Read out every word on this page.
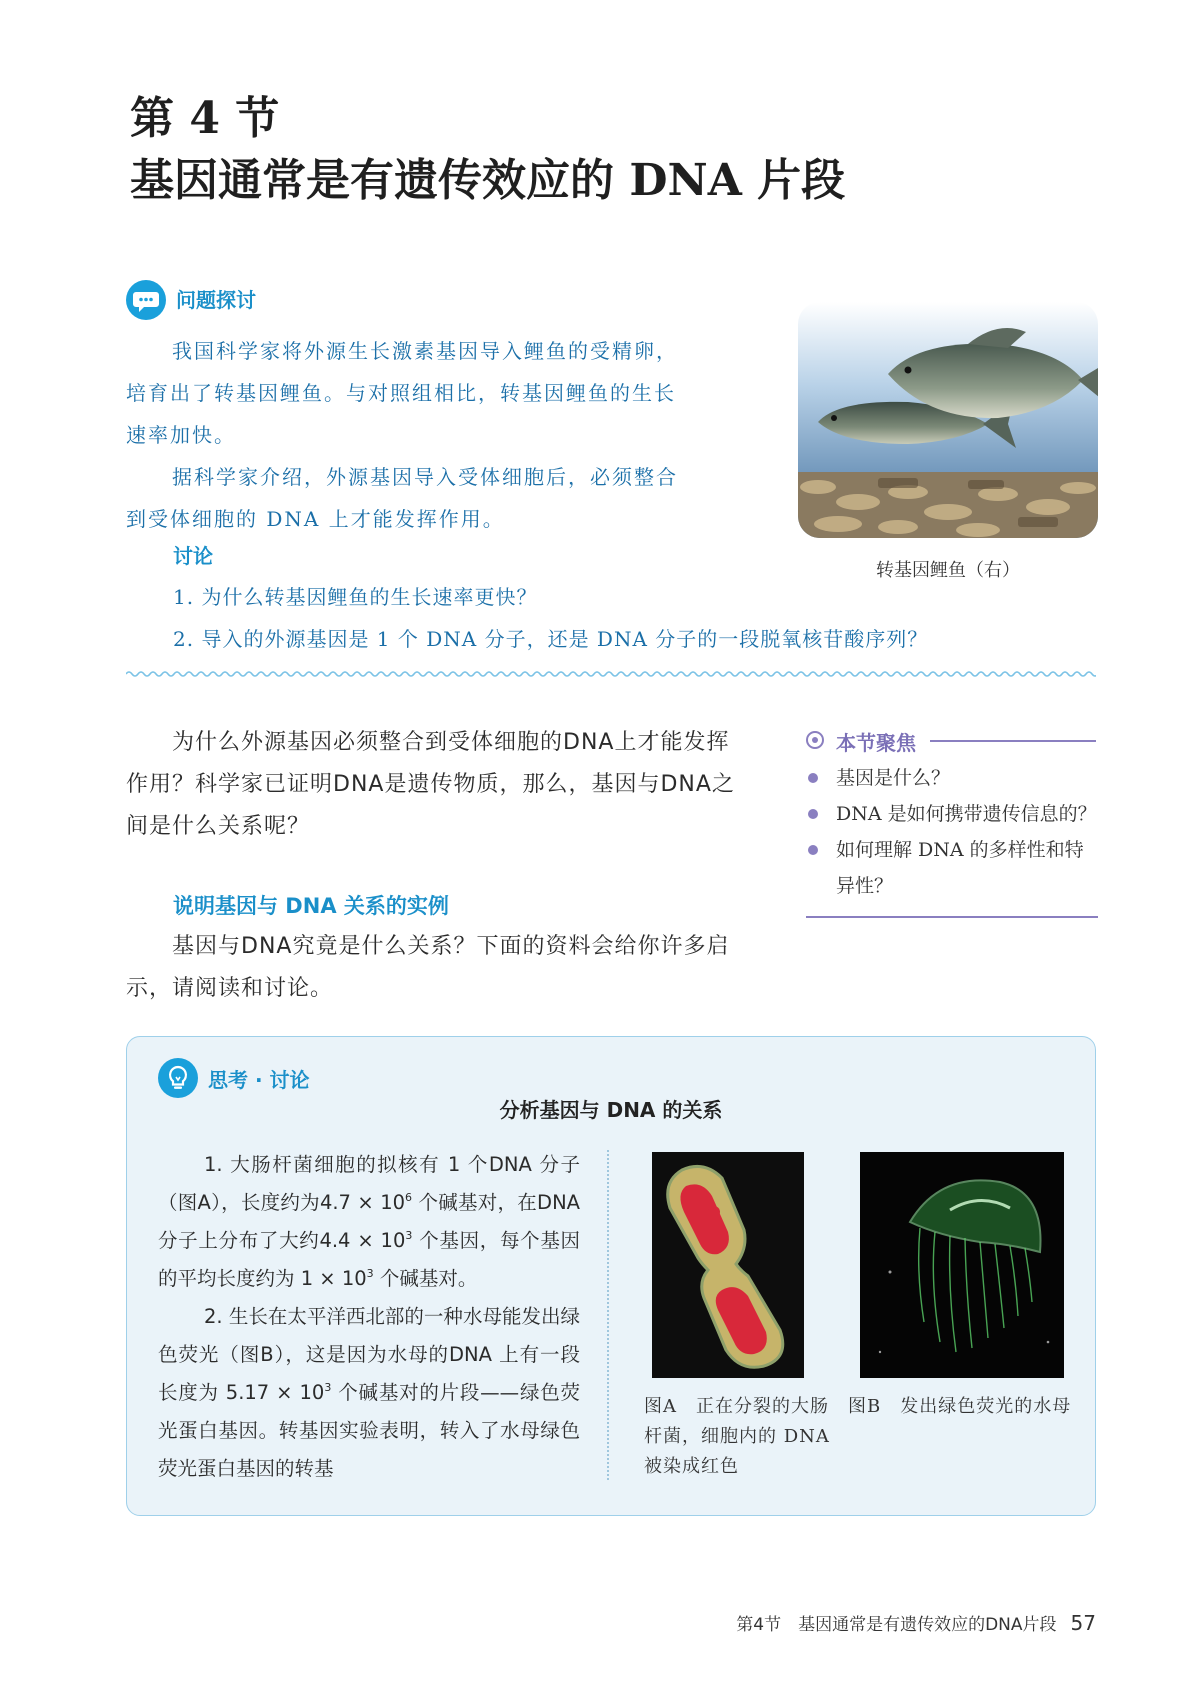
第 4 节
基因通常是有遗传效应的 DNA 片段
问题探讨

我国科学家将外源生长激素基因导入鲤鱼的受精卵，培育出了转基因鲤鱼。与对照组相比，转基因鲤鱼的生长速率加快。

据科学家介绍，外源基因导入受体细胞后，必须整合到受体细胞的 DNA 上才能发挥作用。

讨论
1. 为什么转基因鲤鱼的生长速率更快？
2. 导入的外源基因是 1 个 DNA 分子，还是 DNA 分子的一段脱氧核苷酸序列？
转基因鲤鱼（右）

为什么外源基因必须整合到受体细胞的DNA上才能发挥作用？科学家已证明DNA是遗传物质，那么，基因与DNA之间是什么关系呢？

本节聚焦
基因是什么？
DNA 是如何携带遗传信息的？
如何理解 DNA 的多样性和特异性？
说明基因与 DNA 关系的实例

基因与DNA究竟是什么关系？下面的资料会给你许多启示，请阅读和讨论。

思考 · 讨论
分析基因与 DNA 的关系

1. 大肠杆菌细胞的拟核有 1 个DNA 分子（图A），长度约为$4.7 \times 10^6$ 个碱基对，在DNA分子上分布了大约$4.4 \times 10^3$ 个基因，每个基因的平均长度约为 $1 \times 10^3$ 个碱基对。

2. 生长在太平洋西北部的一种水母能发出绿色荧光（图B），这是因为水母的DNA 上有一段长度为 $5.17 \times 10^3$ 个碱基对的片段——绿色荧光蛋白基因。转基因实验表明，转入了水母绿色荧光蛋白基因的转基

图A　正在分裂的大肠杆菌，细胞内的 DNA 被染成红色
图B　发出绿色荧光的水母
第4节　基因通常是有遗传效应的DNA片段 57
